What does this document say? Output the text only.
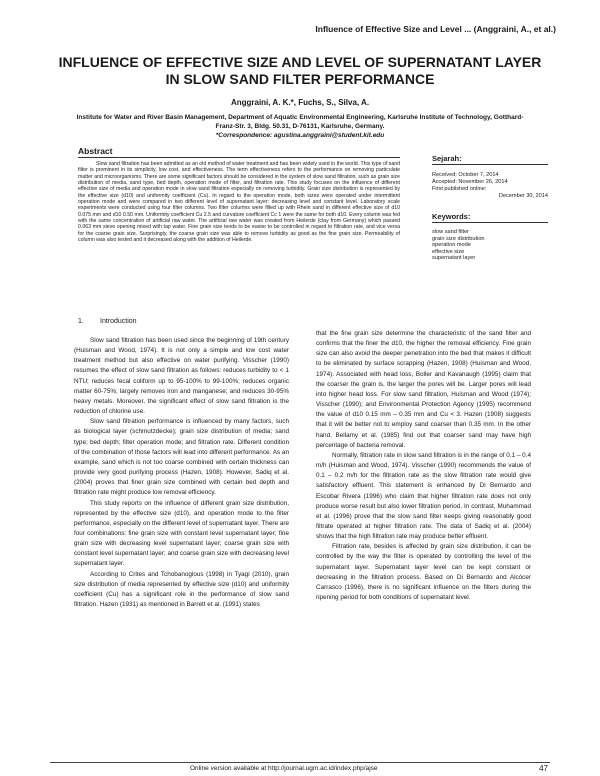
Influence of Effective Size and Level ... (Anggraini, A., et al.)
INFLUENCE OF EFFECTIVE SIZE AND LEVEL OF SUPERNATANT LAYER IN SLOW SAND FILTER PERFORMANCE
Anggraini, A. K.*, Fuchs, S., Silva, A.
Institute for Water and River Basin Management, Department of Aquatic Environmental Engineering, Karlsruhe Institute of Technology, Gotthard-Franz-Str. 3, Bldg. 50.31, D-76131, Karlsruhe, Germany.
*Correspondence: agustina.anggraini@student.kit.edu
Abstract
Slow sand filtration has been admitted as an old method of water treatment and has been widely used in the world. This type of sand filter is prominent in its simplicity, low cost, and effectiveness. The term effectiveness refers to the performance on removing particulate matter and microorganisms. There are some significant factors should be considered in the system of slow sand filtration, such as grain size distribution of media, sand type, bed depth, operation mode of filter, and filtration rate. This study focuses on the influence of different effective size of media and operation mode in slow sand filtration especially on removing turbidity. Grain size distribution is represented by the effective size (d10) and uniformity coefficient (Cu). In regard to the operation mode, both sizes were operated under intermittent operation mode and were compared in two different level of supernatant layer: decreasing level and constant level. Laboratory scale experiments were conducted using four filter columns. Two filter columns were filled up with Rhein sand in different effective size of d10 0.075 mm and d10 0.50 mm. Uniformity coefficient Cu 2.5 and curvature coefficient Cc 1 were the same for both d10. Every column was fed with the same concentration of artificial raw water. The artificial raw water was created from Heilerde (clay from Germany) which passed 0.063 mm sieve opening mixed with tap water. Fine grain size tends to be easier to be controlled in regard to filtration rate, and vice versa for the coarse grain size. Surprisingly, the coarse grain size was able to remove turbidity as good as the fine grain size. Permeability of column was also tested and it decreased along with the addition of Heilerde.
Sejarah:
Received: October 7, 2014
Accepted: November 26, 2014
First published online:
December 30, 2014
Keywords:
slow sand filter
grain size distribution
operation mode
effective size
supernatant layer
1. Introduction

Slow sand filtration has been used since the beginning of 19th century (Huisman and Wood, 1974). It is not only a simple and low cost water treatment method but also effective on water purifying. Visscher (1990) resumes the effect of slow sand filtration as follows: reduces turbidity to < 1 NTU; reduces fecal coliform up to 95-100% to 99-100%; reduces organic matter 60-75%; largely removes iron and manganese; and reduces 30-95% heavy metals. Moreover, the significant effect of slow sand filtration is the reduction of chlorine use.

Slow sand filtration performance is influenced by many factors, such as biological layer (schmutzdecke); grain size distribution of media; sand type; bed depth; filter operation mode; and filtration rate. Different condition of the combination of those factors will lead into different performance. As an example, sand which is not too coarse combined with certain thickness can provide very good purifying process (Hazen, 1908). However, Sadiq et al. (2004) proves that finer grain size combined with certain bed depth and filtration rate might produce low removal efficiency.

This study reports on the influence of different grain size distribution, represented by the effective size (d10), and operation mode to the filter performance, especially on the different level of supernatant layer. There are four combinations: fine grain size with constant level supernatant layer; fine grain size with decreasing level supernatant layer; coarse grain size with constant level supernatant layer; and coarse grain size with decreasing level supernatant layer.

According to Crites and Tchobanoglous (1998) in Tyagi (2010), grain size distribution of media represented by effective size (d10) and uniformity coefficient (Cu) has a significant role in the performance of slow sand filtration. Hazen (1931) as mentioned in Barrett et al. (1991) states

that the fine grain size determine the characteristic of the sand filter and confirms that the finer the d10, the higher the removal efficiency. Fine grain size can also avoid the deeper penetration into the bed that makes it difficult to be eliminated by surface scrapping (Hazen, 1908) (Huisman and Wood, 1974). Associated with head loss, Boller and Kavanaugh (1995) claim that the coarser the grain is, the larger the pores will be. Larger pores will lead into higher head loss. For slow sand filtration, Huisman and Wood (1974); Visscher (1990); and Environmental Protection Agency (1995) recommend the value of d10 0.15 mm – 0.35 mm and Cu < 3. Hazen (1908) suggests that it will be better not to employ sand coarser than 0.35 mm. In the other hand, Bellamy et al. (1985) find out that coarser sand may have high percentage of bacteria removal.

Normally, filtration rate in slow sand filtration is in the range of 0.1 – 0.4 m/h (Huisman and Wood, 1974). Visscher (1990) recommends the value of 0.1 – 0.2 m/h for the filtration rate as the slow filtration rate would give satisfactory effluent. This statement is enhanced by Di Bernardo and Escobar Rivera (1996) who claim that higher filtration rate does not only produce worse result but also lower filtration period. In contrast, Muhammad et al. (1996) prove that the slow sand filter keeps giving reasonably good filtrate operated at higher filtration rate. The data of Sadiq et al. (2004) shows that the high filtration rate may produce better effluent.

Filtration rate, besides is affected by grain size distribution, it can be controlled by the way the filter is operated by controlling the level of the supernatant layer. Supernatant layer level can be kept constant or decreasing in the filtration process. Based on Di Bernardo and Alcócer Carrasco (1996), there is no significant influence on the filters during the ripening period for both conditions of supernatant level.

Online version available at http://journal.ugm.ac.id/index.php/ajse	47
